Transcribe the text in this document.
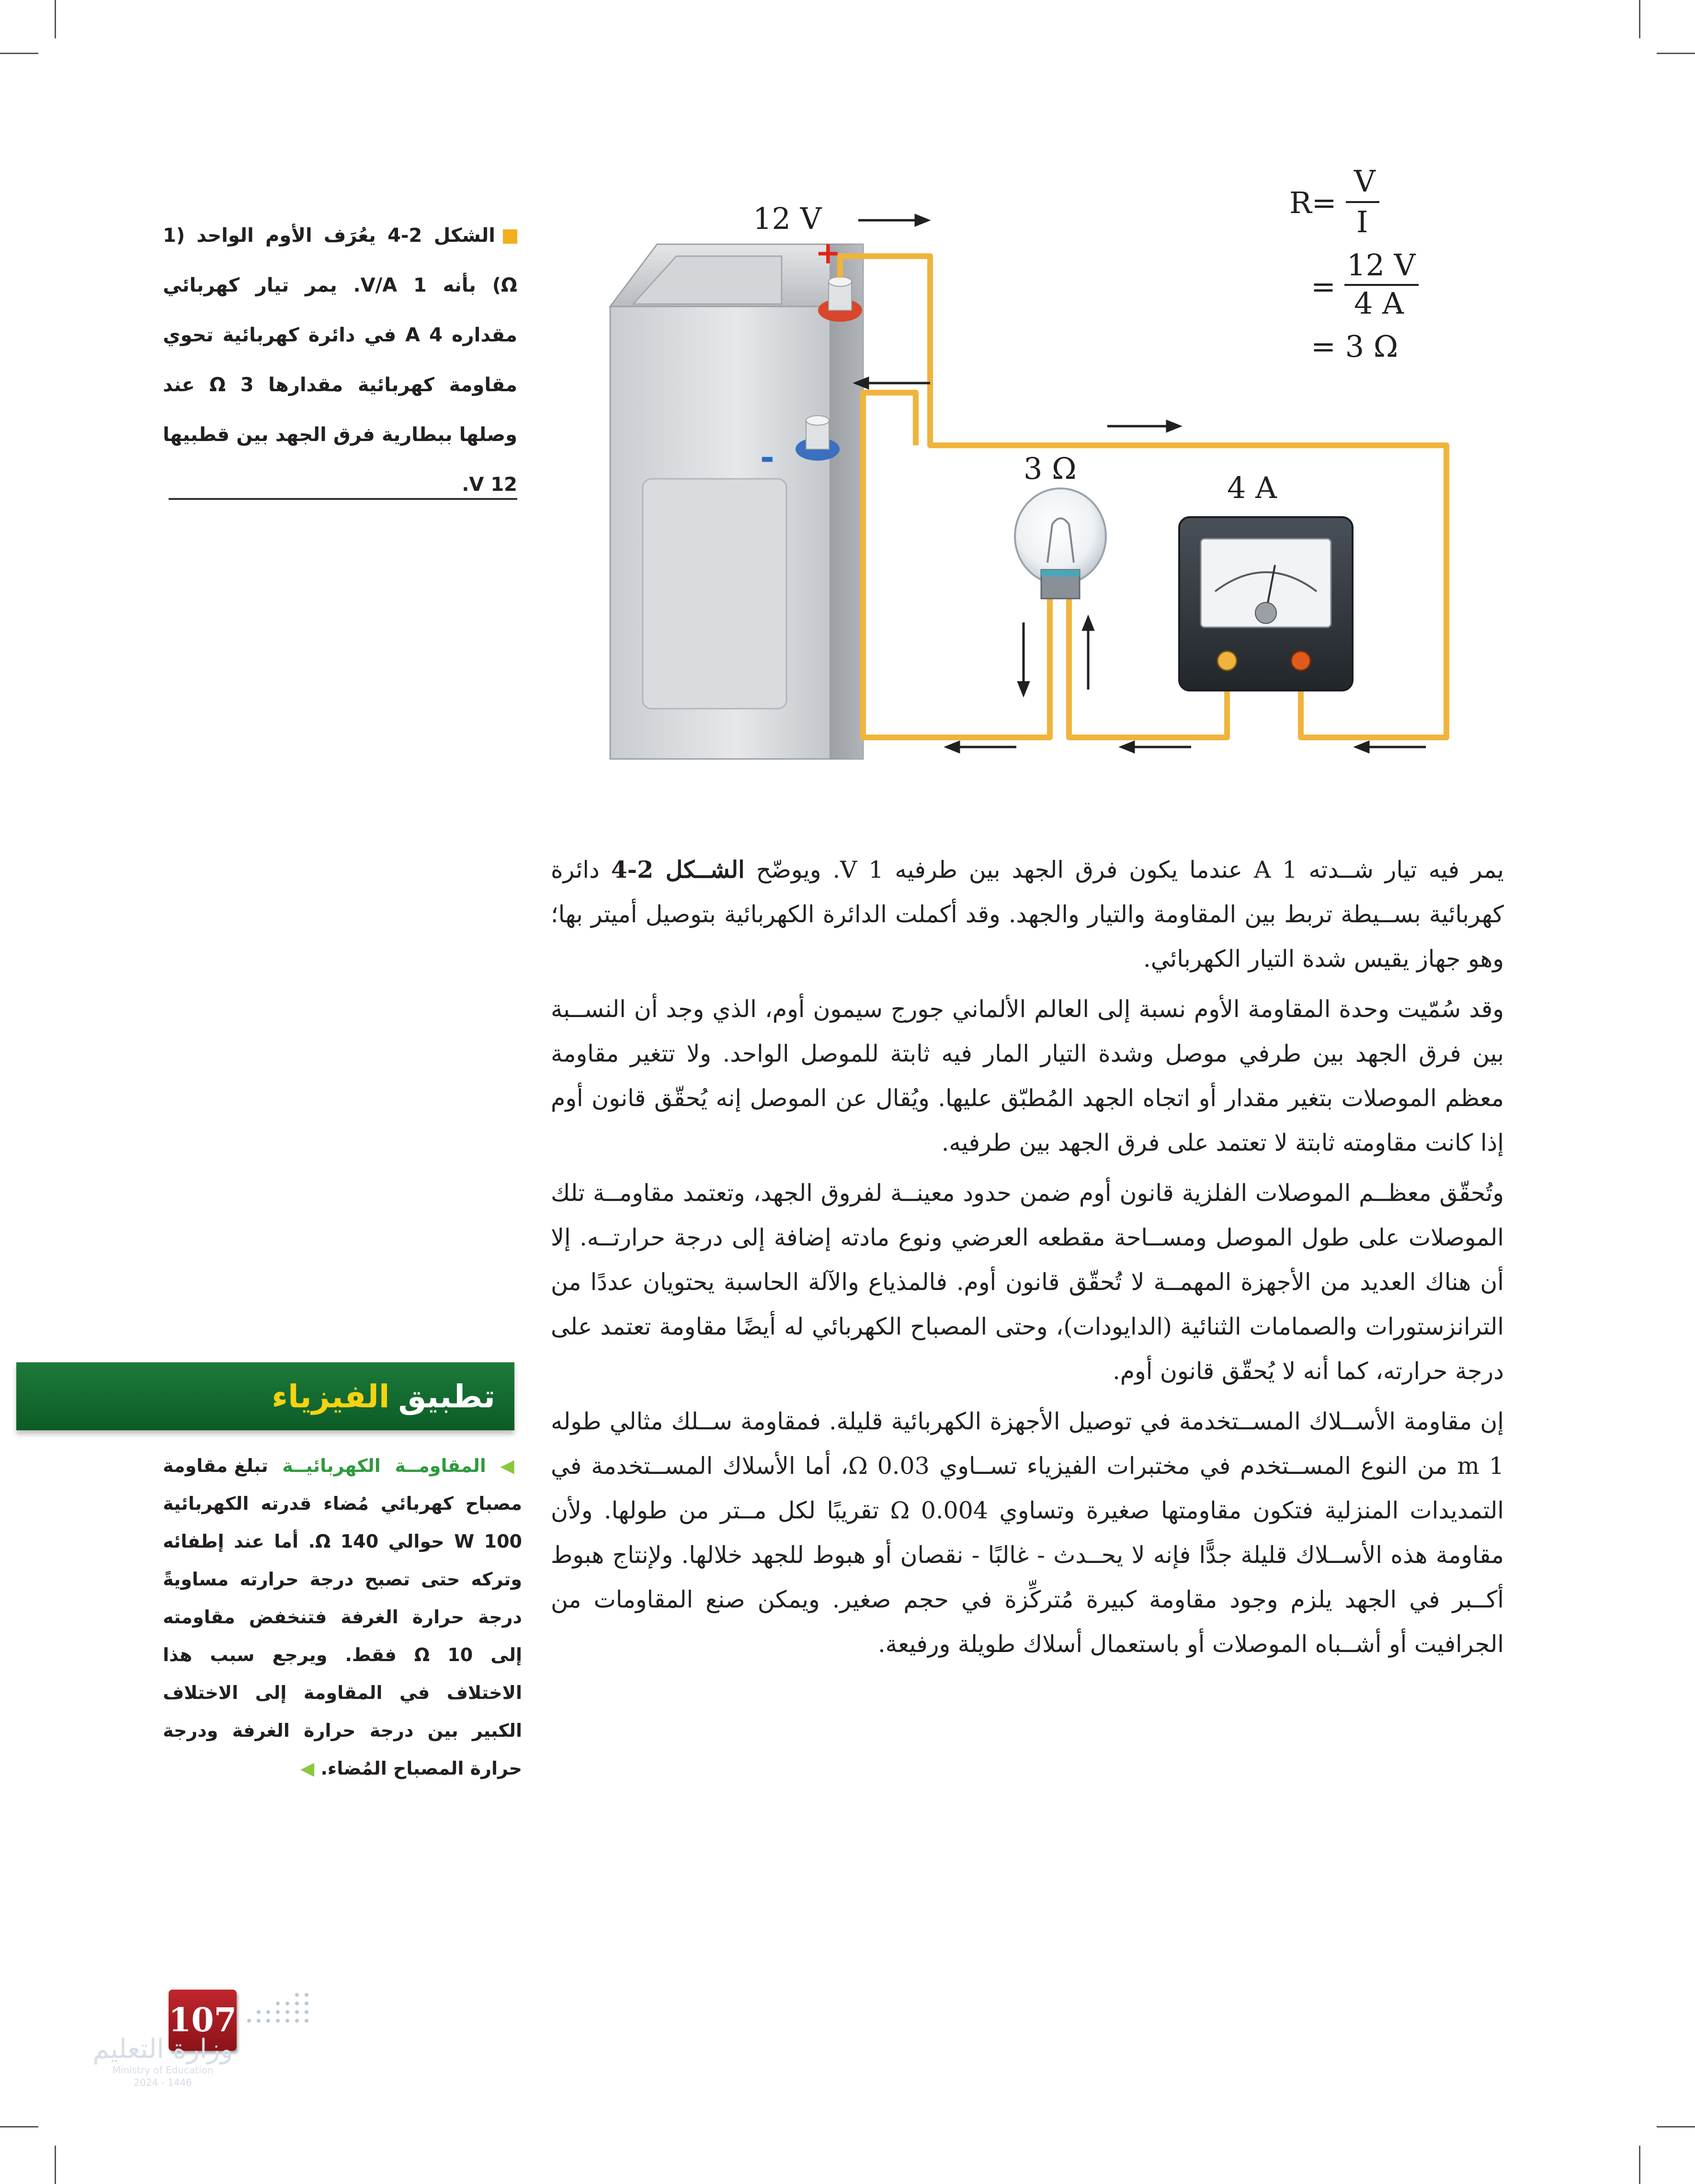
الشكل 2-4 يعُرَف الأوم الواحد (1 Ω) بأنه 1 V/A. يمر تيار كهربائي مقداره 4 A في دائرة كهربائية تحوي مقاومة كهربائية مقدارها 3 Ω عند وصلها ببطارية فرق الجهد بين قطبيها 12 V.
+
-
12 V
3 Ω
4 A
R=
V
I
=
12 V
4 A
= 3 Ω

يمر فيه تيار شــدته 1 A عندما يكون فرق الجهد بين طرفيه 1 V. ويوضّح الشــكل 2-4 دائرة كهربائية بســيطة تربط بين المقاومة والتيار والجهد. وقد أكملت الدائرة الكهربائية بتوصيل أميتر بها؛ وهو جهاز يقيس شدة التيار الكهربائي.

وقد سُمّيت وحدة المقاومة الأوم نسبة إلى العالم الألماني جورج سيمون أوم، الذي وجد أن النســبة بين فرق الجهد بين طرفي موصل وشدة التيار المار فيه ثابتة للموصل الواحد. ولا تتغير مقاومة معظم الموصلات بتغير مقدار أو اتجاه الجهد المُطبّق عليها. ويُقال عن الموصل إنه يُحقّق قانون أوم إذا كانت مقاومته ثابتة لا تعتمد على فرق الجهد بين طرفيه.

وتُحقّق معظــم الموصلات الفلزية قانون أوم ضمن حدود معينــة لفروق الجهد، وتعتمد مقاومــة تلك الموصلات على طول الموصل ومســاحة مقطعه العرضي ونوع مادته إضافة إلى درجة حرارتــه. إلا أن هناك العديد من الأجهزة المهمــة لا تُحقّق قانون أوم. فالمذياع والآلة الحاسبة يحتويان عددًا من الترانزستورات والصمامات الثنائية (الدايودات)، وحتى المصباح الكهربائي له أيضًا مقاومة تعتمد على درجة حرارته، كما أنه لا يُحقّق قانون أوم.

إن مقاومة الأســلاك المســتخدمة في توصيل الأجهزة الكهربائية قليلة. فمقاومة ســلك مثالي طوله 1 m من النوع المســتخدم في مختبرات الفيزياء تســاوي 0.03 Ω، أما الأسلاك المســتخدمة في التمديدات المنزلية فتكون مقاومتها صغيرة وتساوي 0.004 Ω تقريبًا لكل مــتر من طولها. ولأن مقاومة هذه الأســلاك قليلة جدًّا فإنه لا يحــدث - غالبًا - نقصان أو هبوط للجهد خلالها. ولإنتاج هبوط أكــبر في الجهد يلزم وجود مقاومة كبيرة مُتركِّزة في حجم صغير. ويمكن صنع المقاومات من الجرافيت أو أشــباه الموصلات أو باستعمال أسلاك طويلة ورفيعة.

تطبيق
الفيزياء
◀ المقاومــة الكهربائيــة تبلغ مقاومة مصباح كهربائي مُضاء قدرته الكهربائية 100 W حوالي 140 Ω. أما عند إطفائه وتركه حتى تصبح درجة حرارته مساويةً درجة حرارة الغرفة فتنخفض مقاومته إلى 10 Ω فقط. ويرجع سبب هذا الاختلاف في المقاومة إلى الاختلاف الكبير بين درجة حرارة الغرفة ودرجة حرارة المصباح المُضاء. ◀
107
وزارة التعليم
Ministry of Education
2024 - 1446
